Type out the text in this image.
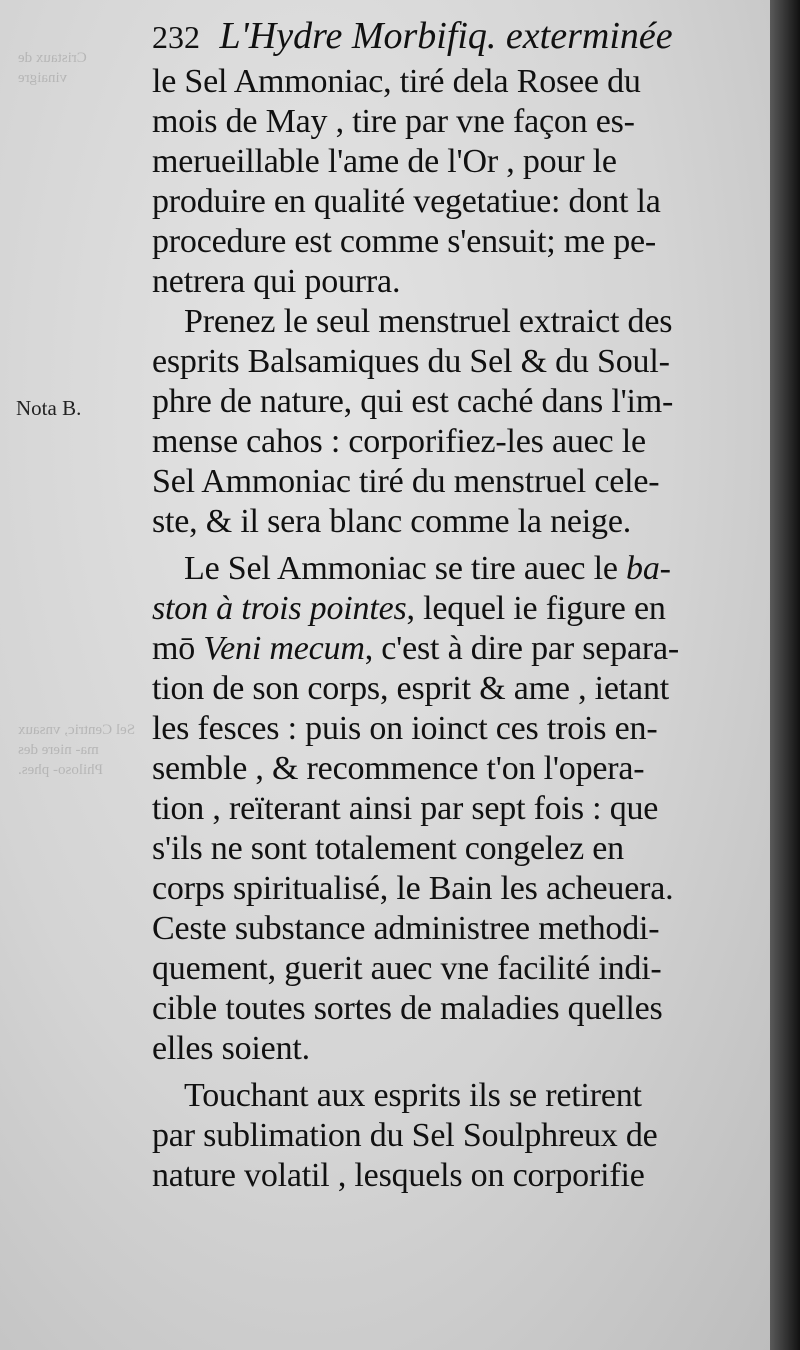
Cristaux de vinaigre
Sel Centric, vnsaux ma- niere des Philoso- phes.
232 L'Hydre Morbifiq. exterminée
Nota B.
le Sel Ammoniac, tiré dela Rosee du
mois de May , tire par vne façon es-
merueillable l'ame de l'Or , pour le
produire en qualité vegetatiue: dont la
procedure est comme s'ensuit; me pe-
netrera qui pourra.
Prenez le seul menstruel extraict des
esprits Balsamiques du Sel & du Soul-
phre de nature, qui est caché dans l'im-
mense cahos : corporifiez-les auec le
Sel Ammoniac tiré du menstruel cele-
ste, & il sera blanc comme la neige.
Le Sel Ammoniac se tire auec le ba-
ston à trois pointes, lequel ie figure en
mō Veni mecum, c'est à dire par separa-
tion de son corps, esprit & ame , ietant
les fesces : puis on ioinct ces trois en-
semble , & recommence t'on l'opera-
tion , reïterant ainsi par sept fois : que
s'ils ne sont totalement congelez en
corps spiritualisé, le Bain les acheuera.
Ceste substance administree methodi-
quement, guerit auec vne facilité indi-
cible toutes sortes de maladies quelles
elles soient.
Touchant aux esprits ils se retirent
par sublimation du Sel Soulphreux de
nature volatil , lesquels on corporifie
